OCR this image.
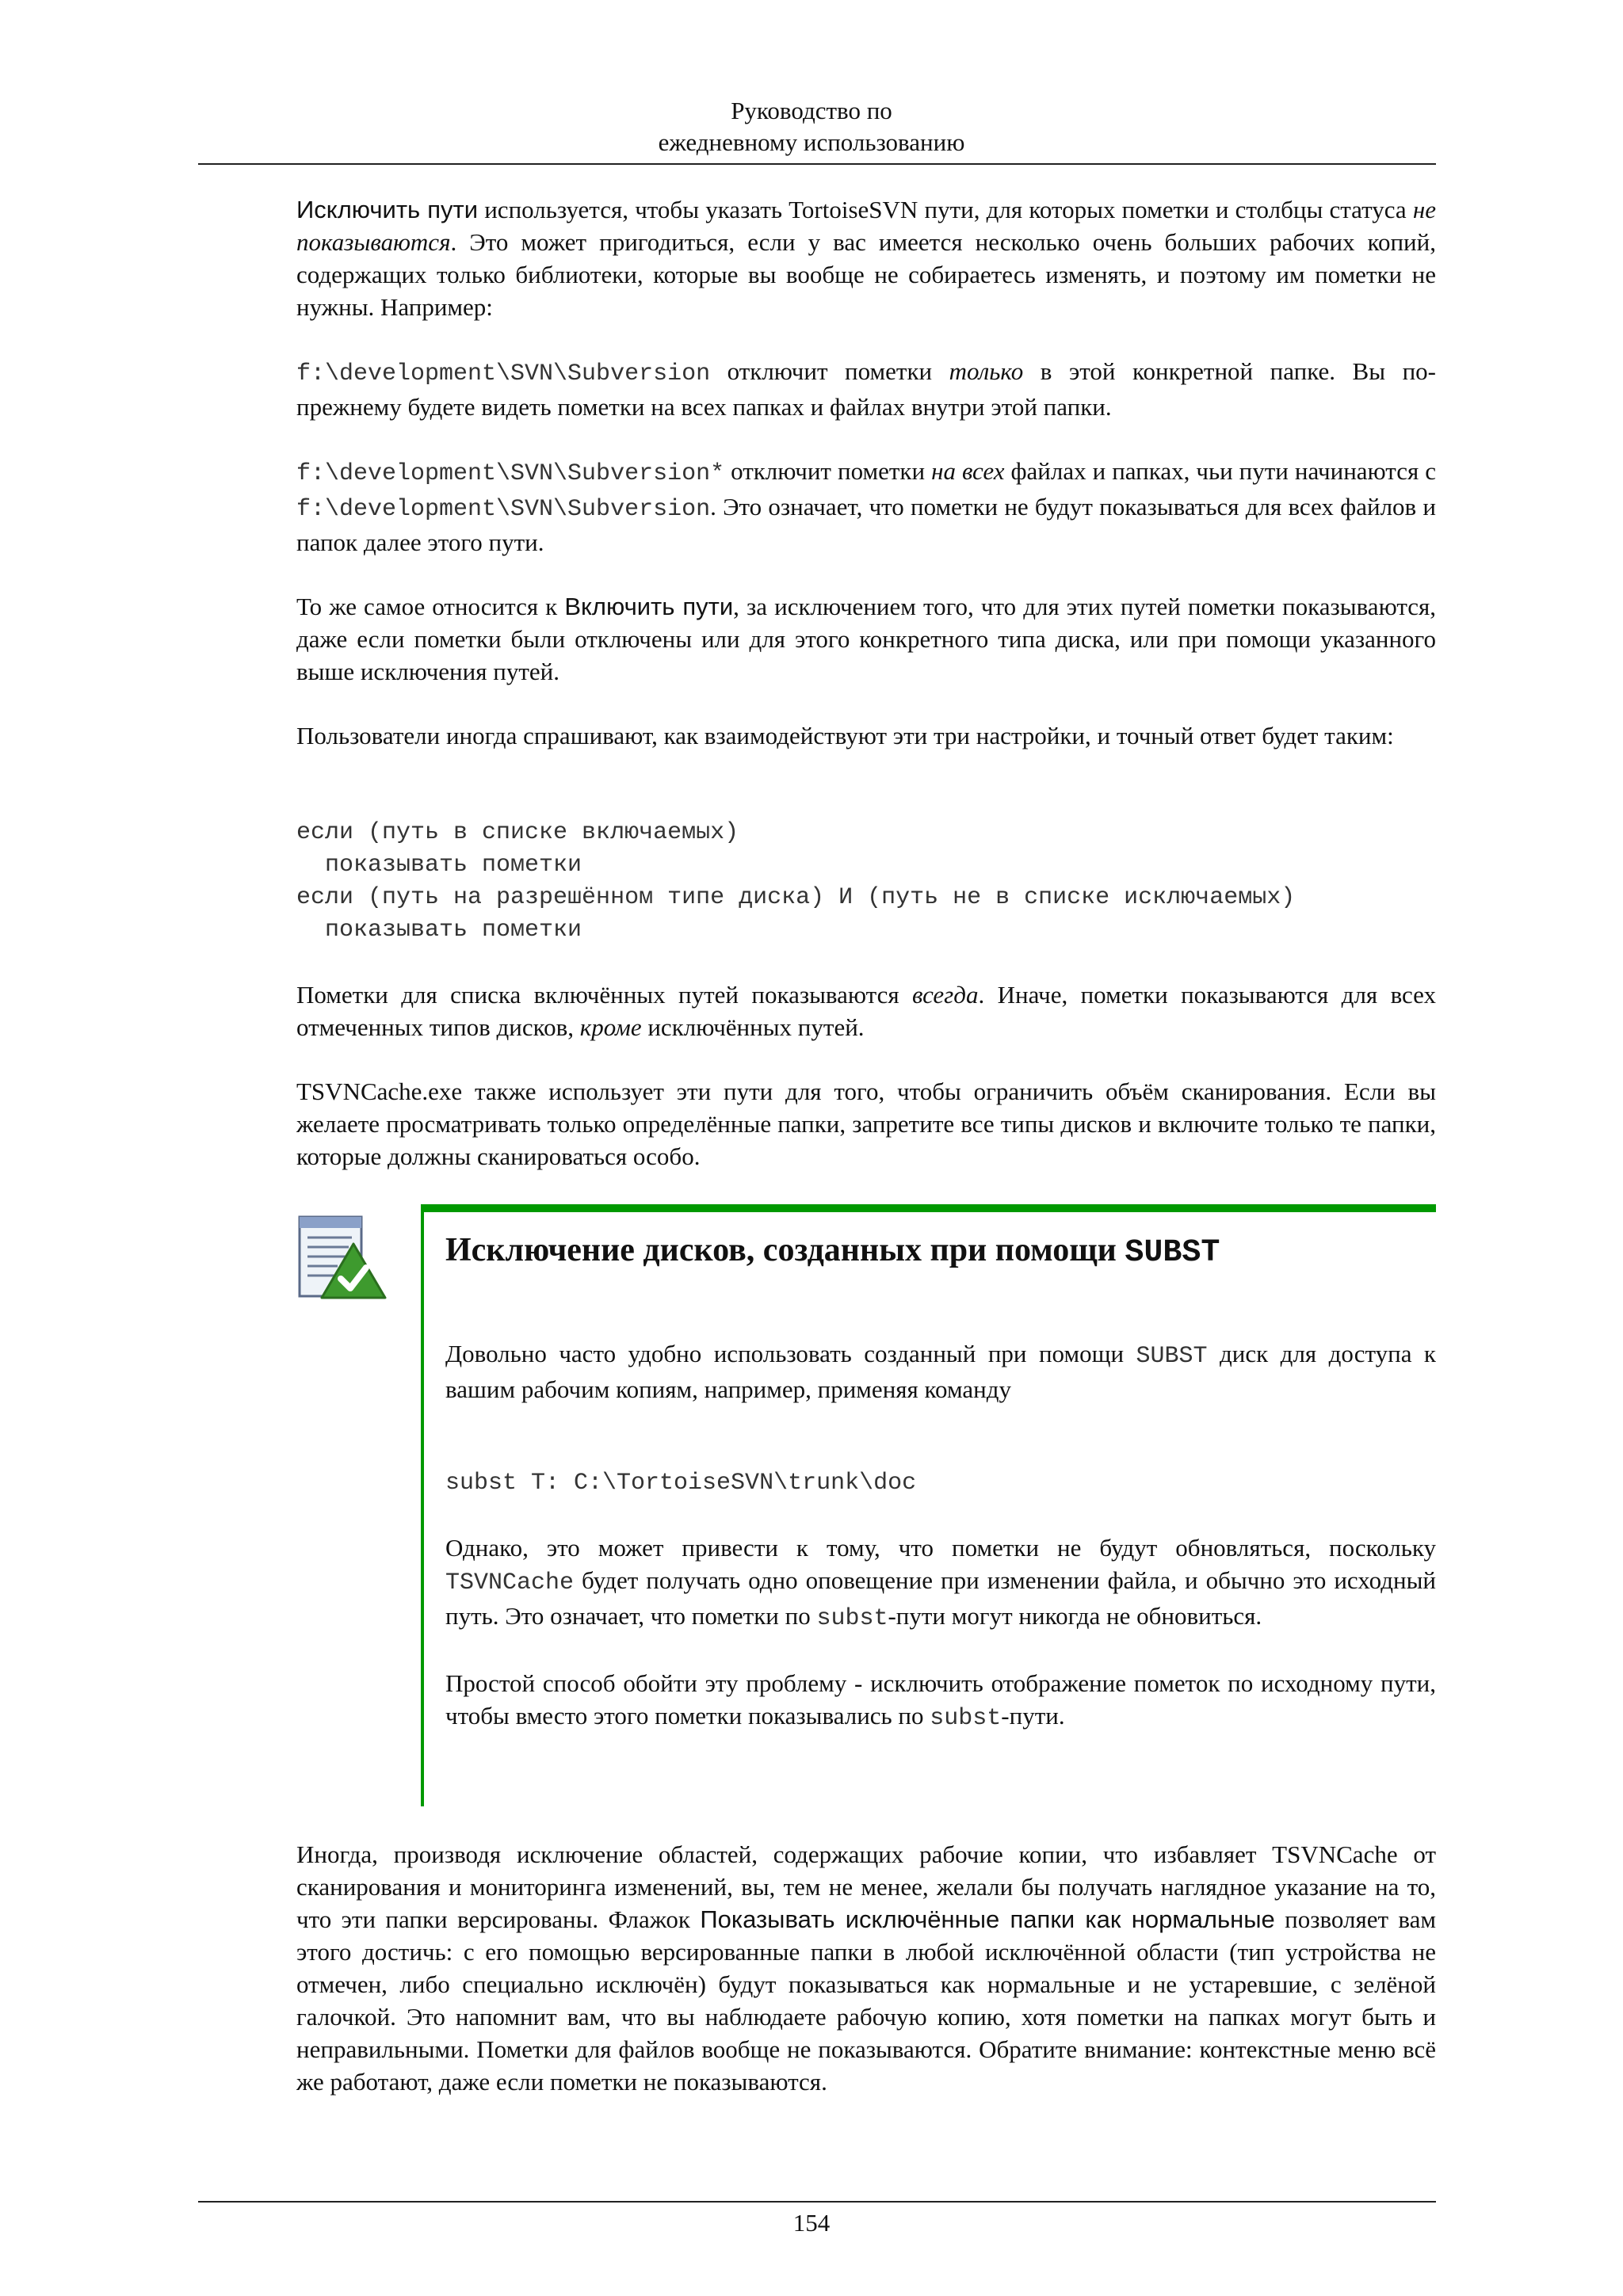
Руководство по
ежедневному использованию

Исключить пути используется, чтобы указать TortoiseSVN пути, для которых пометки и столбцы статуса не показываются. Это может пригодиться, если у вас имеется несколько очень больших рабочих копий, содержащих только библиотеки, которые вы вообще не собираетесь изменять, и поэтому им пометки не нужны. Например:

f:\development\SVN\Subversion отключит пометки только в этой конкретной папке. Вы по-прежнему будете видеть пометки на всех папках и файлах внутри этой папки.

f:\development\SVN\Subversion* отключит пометки на всех файлах и папках, чьи пути начинаются с f:\development\SVN\Subversion. Это означает, что пометки не будут показываться для всех файлов и папок далее этого пути.

То же самое относится к Включить пути, за исключением того, что для этих путей пометки показываются, даже если пометки были отключены или для этого конкретного типа диска, или при помощи указанного выше исключения путей.

Пользователи иногда спрашивают, как взаимодействуют эти три настройки, и точный ответ будет таким:

если (путь в списке включаемых)
показывать пометки
если (путь на разрешённом типе диска) И (путь не в списке исключаемых)
показывать пометки

Пометки для списка включённых путей показываются всегда. Иначе, пометки показываются для всех отмеченных типов дисков, кроме исключённых путей.

TSVNCache.exe также использует эти пути для того, чтобы ограничить объём сканирования. Если вы желаете просматривать только определённые папки, запретите все типы дисков и включите только те папки, которые должны сканироваться особо.

Исключение дисков, созданных при помощи SUBST

Довольно часто удобно использовать созданный при помощи SUBST диск для доступа к вашим рабочим копиям, например, применяя команду

subst T: C:\TortoiseSVN\trunk\doc

Однако, это может привести к тому, что пометки не будут обновляться, поскольку TSVNCache будет получать одно оповещение при изменении файла, и обычно это исходный путь. Это означает, что пометки по subst-пути могут никогда не обновиться.

Простой способ обойти эту проблему - исключить отображение пометок по исходному пути, чтобы вместо этого пометки показывались по subst-пути.

Иногда, производя исключение областей, содержащих рабочие копии, что избавляет TSVNCache от сканирования и мониторинга изменений, вы, тем не менее, желали бы получать наглядное указание на то, что эти папки версированы. Флажок Показывать исключённые папки как нормальные позволяет вам этого достичь: с его помощью версированные папки в любой исключённой области (тип устройства не отмечен, либо специально исключён) будут показываться как нормальные и не устаревшие, с зелёной галочкой. Это напомнит вам, что вы наблюдаете рабочую копию, хотя пометки на папках могут быть и неправильными. Пометки для файлов вообще не показываются. Обратите внимание: контекстные меню всё же работают, даже если пометки не показываются.

154
